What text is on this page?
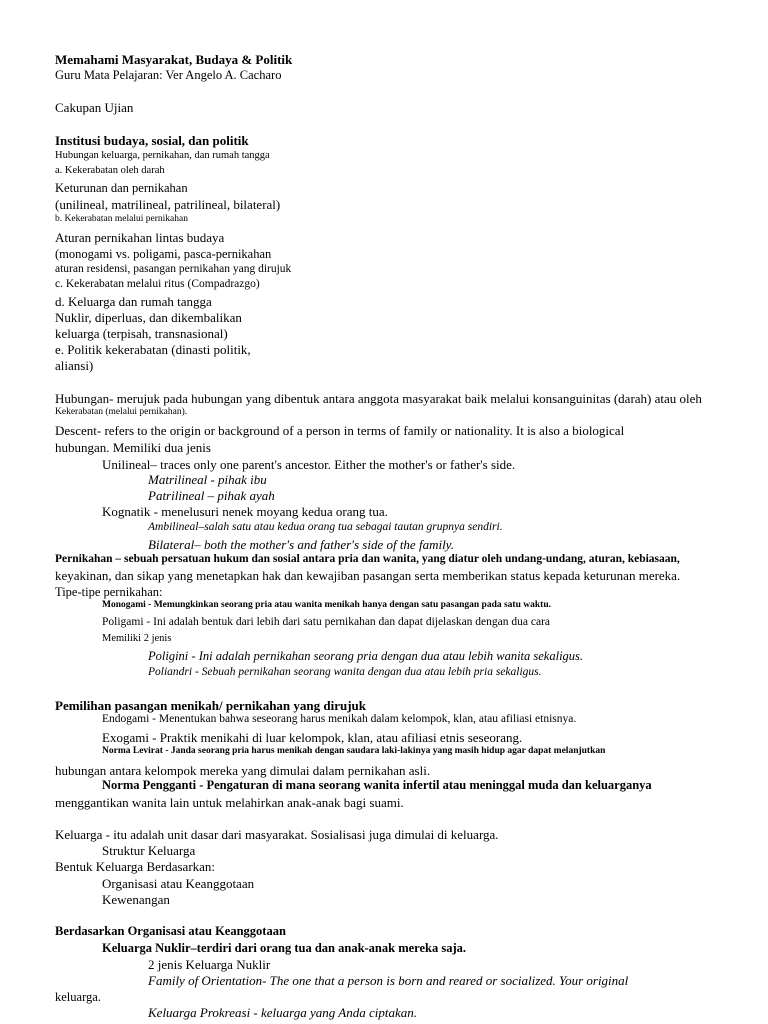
Memahami Masyarakat, Budaya & Politik
Guru Mata Pelajaran: Ver Angelo A. Cacharo
Cakupan Ujian
Institusi budaya, sosial, dan politik
Hubungan keluarga, pernikahan, dan rumah tangga
a. Kekerabatan oleh darah
Keturunan dan pernikahan
(unilineal, matrilineal, patrilineal, bilateral)
b. Kekerabatan melalui pernikahan
Aturan pernikahan lintas budaya
(monogami vs. poligami, pasca-pernikahan
aturan residensi, pasangan pernikahan yang dirujuk
c. Kekerabatan melalui ritus (Compadrazgo)
d. Keluarga dan rumah tangga
Nuklir, diperluas, dan dikembalikan
keluarga (terpisah, transnasional)
e. Politik kekerabatan (dinasti politik,
aliansi)
Hubungan- merujuk pada hubungan yang dibentuk antara anggota masyarakat baik melalui konsanguinitas (darah) atau oleh
Kekerabatan (melalui pernikahan).
Descent- refers to the origin or background of a person in terms of family or nationality. It is also a biological
hubungan. Memiliki dua jenis
Unilineal– traces only one parent's ancestor. Either the mother's or father's side.
Matrilineal - pihak ibu
Patrilineal – pihak ayah
Kognatik - menelusuri nenek moyang kedua orang tua.
Ambilineal–salah satu atau kedua orang tua sebagai tautan grupnya sendiri.
Bilateral– both the mother's and father's side of the family.
Pernikahan – sebuah persatuan hukum dan sosial antara pria dan wanita, yang diatur oleh undang-undang, aturan, kebiasaan,
keyakinan, dan sikap yang menetapkan hak dan kewajiban pasangan serta memberikan status kepada keturunan mereka.
Tipe-tipe pernikahan:
Monogami - Memungkinkan seorang pria atau wanita menikah hanya dengan satu pasangan pada satu waktu.
Poligami - Ini adalah bentuk dari lebih dari satu pernikahan dan dapat dijelaskan dengan dua cara
Memiliki 2 jenis
Poligini - Ini adalah pernikahan seorang pria dengan dua atau lebih wanita sekaligus.
Poliandri - Sebuah pernikahan seorang wanita dengan dua atau lebih pria sekaligus.
Pemilihan pasangan menikah/ pernikahan yang dirujuk
Endogami - Menentukan bahwa seseorang harus menikah dalam kelompok, klan, atau afiliasi etnisnya.
Exogami - Praktik menikahi di luar kelompok, klan, atau afiliasi etnis seseorang.
Norma Levirat - Janda seorang pria harus menikah dengan saudara laki-lakinya yang masih hidup agar dapat melanjutkan
hubungan antara kelompok mereka yang dimulai dalam pernikahan asli.
Norma Pengganti - Pengaturan di mana seorang wanita infertil atau meninggal muda dan keluarganya
menggantikan wanita lain untuk melahirkan anak-anak bagi suami.
Keluarga - itu adalah unit dasar dari masyarakat. Sosialisasi juga dimulai di keluarga.
Struktur Keluarga
Bentuk Keluarga Berdasarkan:
Organisasi atau Keanggotaan
Kewenangan
Berdasarkan Organisasi atau Keanggotaan
Keluarga Nuklir–terdiri dari orang tua dan anak-anak mereka saja.
2 jenis Keluarga Nuklir
Family of Orientation- The one that a person is born and reared or socialized. Your original
keluarga.
Keluarga Prokreasi - keluarga yang Anda ciptakan.
